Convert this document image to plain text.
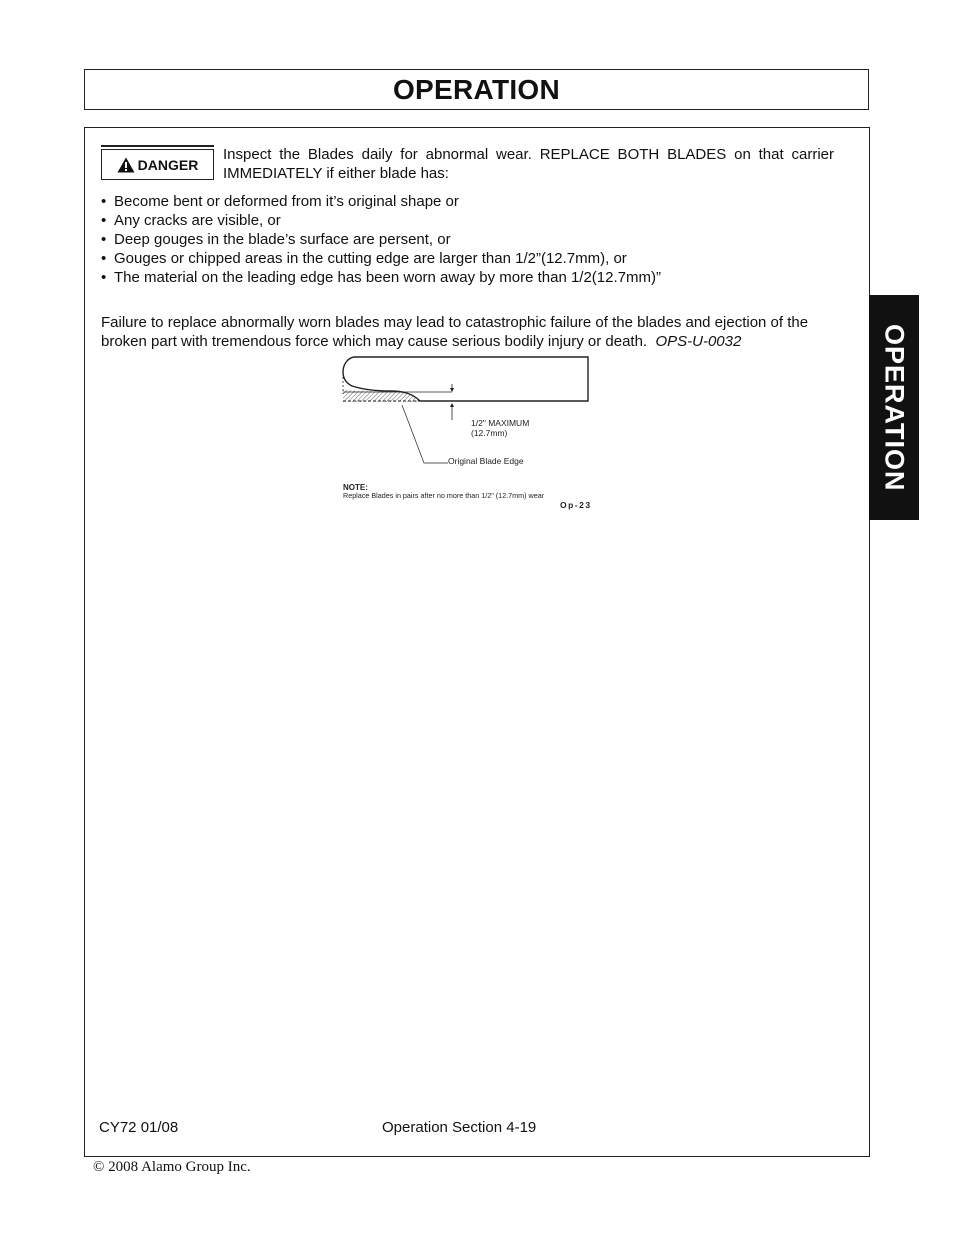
OPERATION
OPERATION
DANGER
Inspect the Blades daily for abnormal wear. REPLACE BOTH BLADES on that carrier IMMEDIATELY if either blade has:
• Become bent or deformed from it’s original shape or
• Any cracks are visible, or
• Deep gouges in the blade’s surface are persent, or
• Gouges or chipped areas in the cutting edge are larger than 1/2”(12.7mm), or
• The material on the leading edge has been worn away by more than 1/2(12.7mm)”
Failure to replace abnormally worn blades may lead to catastrophic failure of the blades and ejection of the broken part with tremendous force which may cause serious bodily injury or death. OPS-U-0032
1/2" MAXIMUM
(12.7mm)
Original Blade Edge
NOTE:
Replace Blades in pairs after no more than 1/2" (12.7mm) wear
Op-23
CY72 01/08	Operation Section 4-19
© 2008 Alamo Group Inc.
